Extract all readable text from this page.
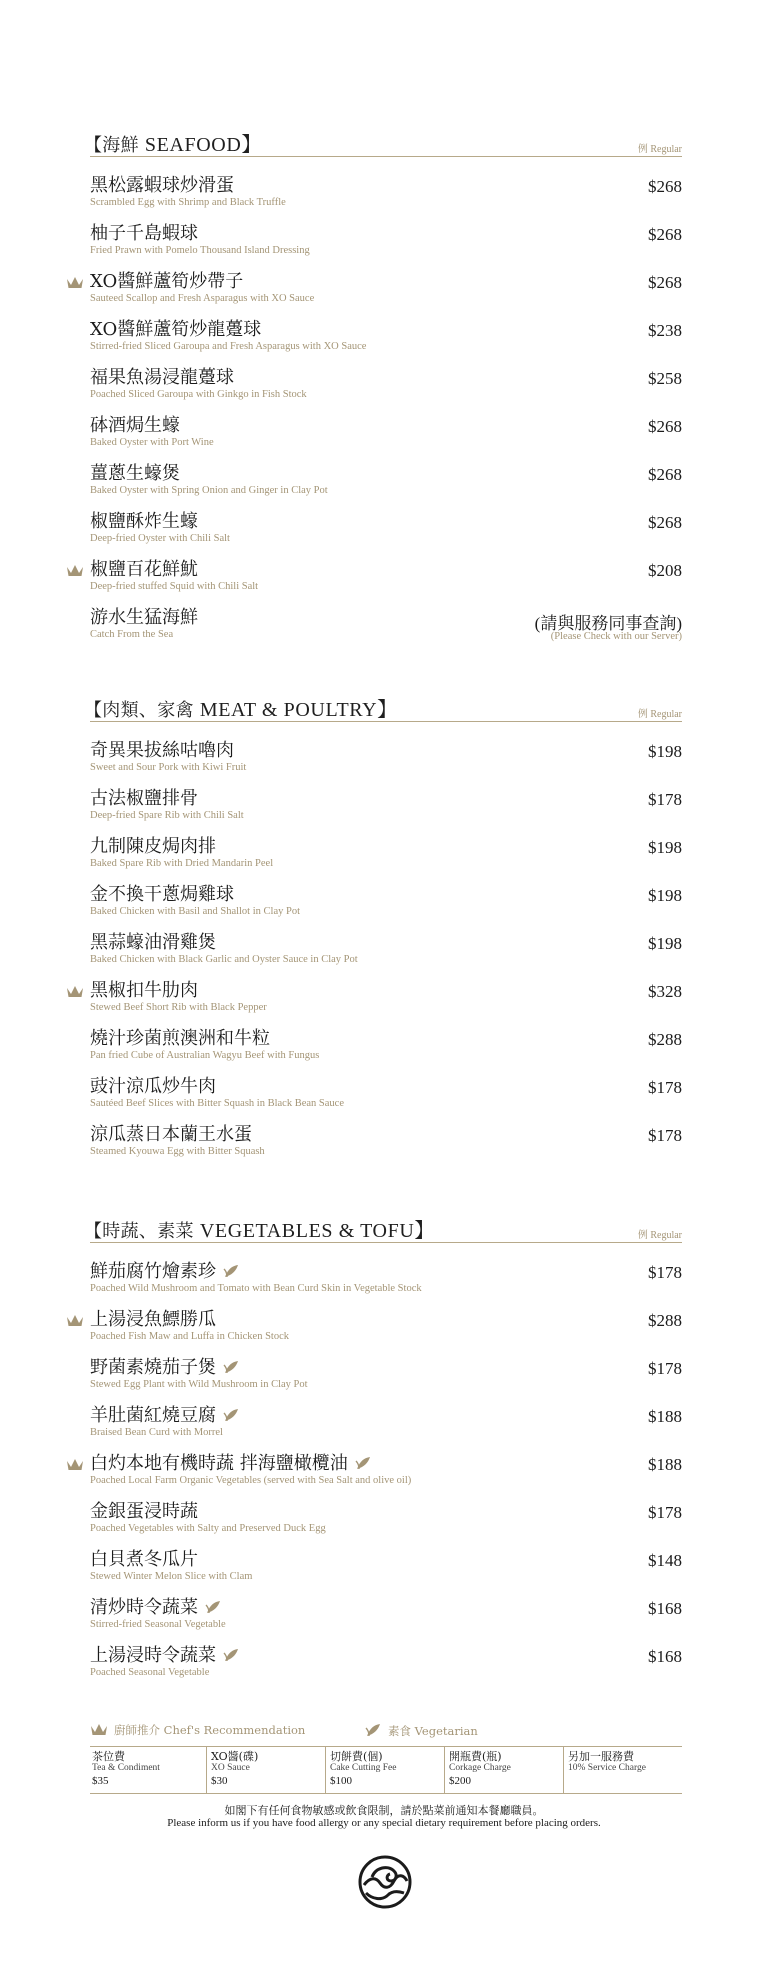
【海鮮 SEAFOOD】	例 Regular
黑松露蝦球炒滑蛋
Scrambled Egg with Shrimp and Black Truffle
$268
柚子千島蝦球
Fried Prawn with Pomelo Thousand Island Dressing
$268
XO醬鮮蘆筍炒帶子
Sauteed Scallop and Fresh Asparagus with XO Sauce
$268
XO醬鮮蘆筍炒龍躉球
Stirred-fried Sliced Garoupa and Fresh Asparagus with XO Sauce
$238
福果魚湯浸龍躉球
Poached Sliced Garoupa with Ginkgo in Fish Stock
$258
砵酒焗生蠔
Baked Oyster with Port Wine
$268
薑蔥生蠔煲
Baked Oyster with Spring Onion and Ginger in Clay Pot
$268
椒鹽酥炸生蠔
Deep-fried Oyster with Chili Salt
$268
椒鹽百花鮮魷
Deep-fried stuffed Squid with Chili Salt
$208
游水生猛海鮮
Catch From the Sea
(請與服務同事查詢)
(Please Check with our Server)
【肉類、家禽 MEAT & POULTRY】	例 Regular
奇異果拔絲咕嚕肉
Sweet and Sour Pork with Kiwi Fruit
$198
古法椒鹽排骨
Deep-fried Spare Rib with Chili Salt
$178
九制陳皮焗肉排
Baked Spare Rib with Dried Mandarin Peel
$198
金不換干蔥焗雞球
Baked Chicken with Basil and Shallot in Clay Pot
$198
黑蒜蠔油滑雞煲
Baked Chicken with Black Garlic and Oyster Sauce in Clay Pot
$198
黑椒扣牛肋肉
Stewed Beef Short Rib with Black Pepper
$328
燒汁珍菌煎澳洲和牛粒
Pan fried Cube of Australian Wagyu Beef with Fungus
$288
豉汁涼瓜炒牛肉
Sautéed Beef Slices with Bitter Squash in Black Bean Sauce
$178
涼瓜蒸日本蘭王水蛋
Steamed Kyouwa Egg with Bitter Squash
$178
【時蔬、素菜 VEGETABLES & TOFU】	例 Regular
鮮茄腐竹燴素珍
Poached Wild Mushroom and Tomato with Bean Curd Skin in Vegetable Stock
$178
上湯浸魚鰾勝瓜
Poached Fish Maw and Luffa in Chicken Stock
$288
野菌素燒茄子煲
Stewed Egg Plant with Wild Mushroom in Clay Pot
$178
羊肚菌紅燒豆腐
Braised Bean Curd with Morrel
$188
白灼本地有機時蔬 拌海鹽橄欖油
Poached Local Farm Organic Vegetables (served with Sea Salt and olive oil)
$188
金銀蛋浸時蔬
Poached Vegetables with Salty and Preserved Duck Egg
$178
白貝煮冬瓜片
Stewed Winter Melon Slice with Clam
$148
清炒時令蔬菜
Stirred-fried Seasonal Vegetable
$168
上湯浸時令蔬菜
Poached Seasonal Vegetable
$168
廚師推介 Chef's Recommendation	素食 Vegetarian
茶位費
Tea & Condiment
$35
XO醬(碟)
XO Sauce
$30
切餅費(個)
Cake Cutting Fee
$100
開瓶費(瓶)
Corkage Charge
$200
另加一服務費
10% Service Charge
如閣下有任何食物敏感或飲食限制，請於點菜前通知本餐廳職員。
Please inform us if you have food allergy or any special dietary requirement before placing orders.
